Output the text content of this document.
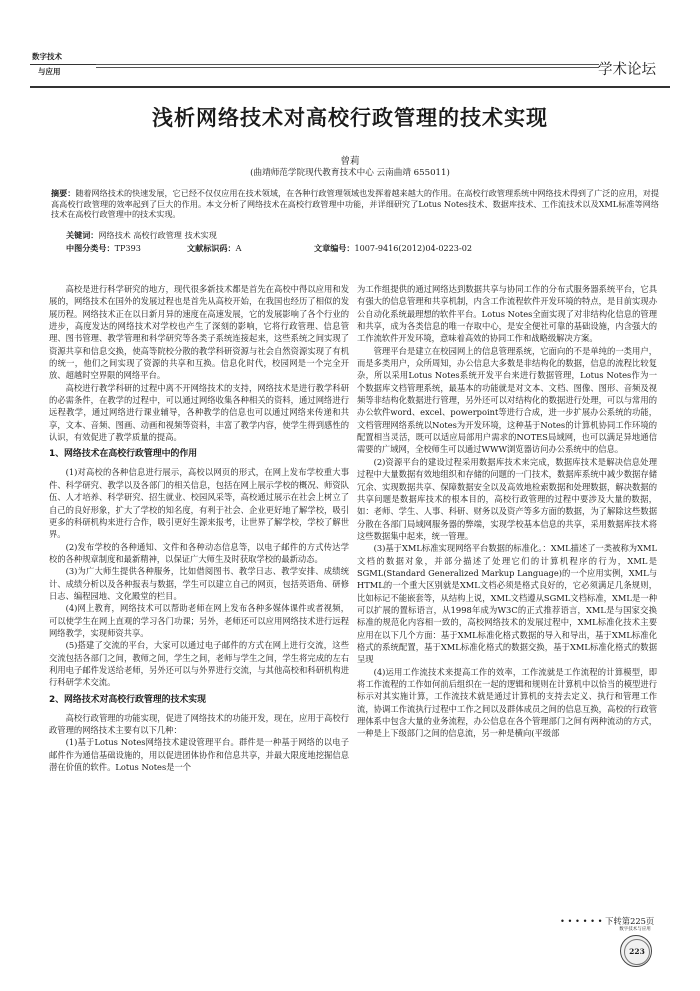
数字技术
与应用	学术论坛
浅析网络技术对高校行政管理的技术实现
曾莉
(曲靖师范学院现代教育技术中心 云南曲靖 655011)
摘要：随着网络技术的快速发展，它已经不仅仅应用在技术领域，在各种行政管理领域也发挥着越来越大的作用。在高校行政管理系统中网络技术得到了广泛的应用，对提高高校行政管理的效率起到了巨大的作用。本文分析了网络技术在高校行政管理中功能，并详细研究了Lotus Notes技术、数据库技术、工作流技术以及XML标准等网络技术在高校行政管理中的技术实现。
关键词：网络技术 高校行政管理 技术实现
中图分类号：TP393	文献标识码：A	文章编号：1007-9416(2012)04-0223-02

高校是进行科学研究的地方，现代很多新技术都是首先在高校中得以应用和发展的，网络技术在国外的发展过程也是首先从高校开始，在我国也经历了相似的发展历程。网络技术正在以日新月异的速度在高速发展，它的发展影响了各个行业的进步，高度发达的网络技术对学校也产生了深刻的影响，它将行政管理、信息管理、图书管理、教学管理和科学研究等各类子系统连接起来，这些系统之间实现了资源共享和信息交换，使高等院校分散的教学科研资源与社会自然资源实现了有机的统一，他们之间实现了资源的共享和互换。信息化时代，校园网是一个完全开放、超越时空界限的网络平台。

高校进行教学科研的过程中离不开网络技术的支持，网络技术是进行教学科研的必需条件，在教学的过程中，可以通过网络收集各种相关的资料，通过网络进行远程教学，通过网络进行课业辅导，各种教学的信息也可以通过网络来传递和共享，文本、音频、图画、动画和视频等资料，丰富了教学内容，使学生得到感性的认识，有效促进了教学质量的提高。

1、网络技术在高校行政管理中的作用

(1)对高校的各种信息进行展示，高校以网页的形式，在网上发布学校重大事件、科学研究、教学以及各部门的相关信息，包括在网上展示学校的概况、师资队伍、人才培养、科学研究、招生就业、校园风采等，高校通过展示在社会上树立了自己的良好形象，扩大了学校的知名度，有利于社会、企业更好地了解学校，吸引更多的科研机构来进行合作，吸引更好生源来报考，让世界了解学校，学校了解世界。

(2)发布学校的各种通知、文件和各种动态信息等，以电子邮件的方式传达学校的各种规章制度和最新精神，以保证广大师生及时获取学校的最新动态。

(3)为广大师生提供各种服务，比如借阅图书、教学日志、教学安排、成绩统计、成绩分析以及各种报表与数据，学生可以建立自己的网页，包括英语角、研修日志、编程园地、文化殿堂的栏目。

(4)网上教育，网络技术可以帮助老师在网上发布各种多媒体课件或者视频，可以使学生在网上直观的学习各门功课；另外，老师还可以应用网络技术进行远程网络教学，实现师资共享。

(5)搭建了交流的平台，大家可以通过电子邮件的方式在网上进行交流，这些交流包括各部门之间，教师之间，学生之间，老师与学生之间，学生将完成的左右利用电子邮件发送给老师，另外还可以与外界进行交流，与其他高校和科研机构进行科研学术交流。

2、网络技术对高校行政管理的技术实现

高校行政管理的功能实现，促进了网络技术的功能开发，现在，应用于高校行政管理的网络技术主要有以下几种：

(1)基于Lotus Notes网络技术建设管理平台。群件是一种基于网络的以电子邮件作为通信基础设施的，用以促进团体协作和信息共享，并最大限度地挖掘信息潜在价值的软件。Lotus Notes是一个

为工作组提供的通过网络达到数据共享与协同工作的分布式服务器系统平台，它具有强大的信息管理和共享机制，内含工作流程软件开发环境的特点，是目前实现办公自动化系统最理想的软件平台。Lotus Notes全面实现了对非结构化信息的管理和共享，成为各类信息的唯一存取中心，是安全便社可靠的基础设施，内含强大的工作流软件开发环境，意味着高效的协同工作和战略级解决方案。

管理平台是建立在校园网上的信息管理系统，它面向的不是单纯的一类用户，而是多类用户，众所周知，办公信息大多数是非结构化的数据，信息的流程比较复杂，所以采用Lotus Notes系统开发平台来进行数据管理，Lotus Notes作为一个数据库文档管理系统，最基本的功能就是对文本、文档、图像、图形、音频及视频等非结构化数据进行管理，另外还可以对结构化的数据进行处理，可以与常用的办公软件word、excel、powerpoint等进行合成，进一步扩展办公系统的功能，文档管理网络系统以Notes为开发环境，这种基于Notes的计算机协同工作环境的配置相当灵活，既可以适应局部用户需求的NOTES局域网，也可以满足异地通信需要的广域网，全校师生可以通过WWW浏览器访问办公系统中的信息。

(2)资源平台的建设过程采用数据库技术来完成，数据库技术是解决信息处理过程中大量数据有效地组织和存储的问题的一门技术，数据库系统中减少数据存储冗余、实现数据共享、保障数据安全以及高效地检索数据和处理数据，解决数据的共享问题是数据库技术的根本目的，高校行政管理的过程中要涉及大量的数据，如：老师、学生、人事、科研、财务以及资产等多方面的数据，为了解除这些数据分散在各部门局域网服务器的弊端，实现学校基本信息的共享，采用数据库技术将这些数据集中起来，统一管理。

(3)基于XML标准实现网络平台数据的标准化。：XML描述了一类被称为XML文档的数据对象，并部分描述了处理它们的计算机程序的行为，XML是SGML(Standard Generalized Markup Language)的一个应用实例，XML与HTML的一个重大区别就是XML文档必须是格式良好的，它必须满足几条规则，比如标记不能嵌套等，从结构上说，XML文档遵从SGML文档标准，XML是一种可以扩展的置标语言，从1998年成为W3C的正式推荐语言，XML是与国家交换标准的规范化内容相一致的，高校网络技术的发展过程中，XML标准化技术主要应用在以下几个方面：基于XML标准化格式数据的导入和导出，基于XML标准化格式的系统配置，基于XML标准化格式的数据交换，基于XML标准化格式的数据呈现

(4)运用工作流技术来提高工作的效率，工作流就是工作流程的计算模型，即将工作流程的工作如何前后组织在一起的逻辑和规则在计算机中以恰当的模型进行标示对其实施计算，工作流技术就是通过计算机的支持去定义、执行和管理工作流，协调工作流执行过程中工作之间以及群体成员之间的信息互换，高校的行政管理体系中包含大量的业务流程，办公信息在各个管理部门之间有两种流动的方式，一种是上下级部门之间的信息流，另一种是横向(平级部

• • • • • • 下转第225页
223
数字技术与应用
